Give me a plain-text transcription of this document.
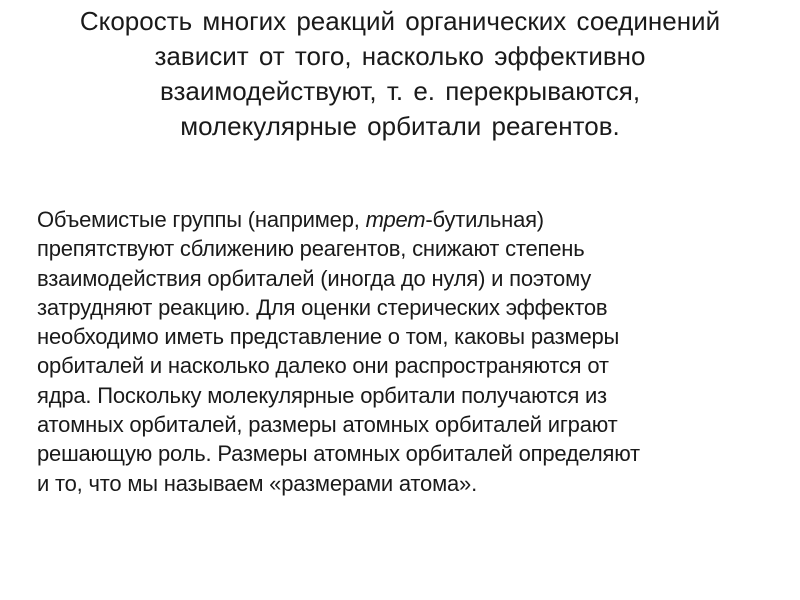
Скорость многих реакций органических соединений
зависит от того, насколько эффективно
взаимодействуют, т. е. перекрываются,
молекулярные орбитали реагентов.
Объемистые группы (например, трет-бутильная)
препятствуют сближению реагентов, снижают степень
взаимодействия орбиталей (иногда до нуля) и поэтому
затрудняют реакцию. Для оценки стерических эффектов
необходимо иметь представление о том, каковы размеры
орбиталей и насколько далеко они распространяются от
ядра. Поскольку молекулярные орбитали получаются из
атомных орбиталей, размеры атомных орбиталей играют
решающую роль. Размеры атомных орбиталей определяют
и то, что мы называем «размерами атома».
